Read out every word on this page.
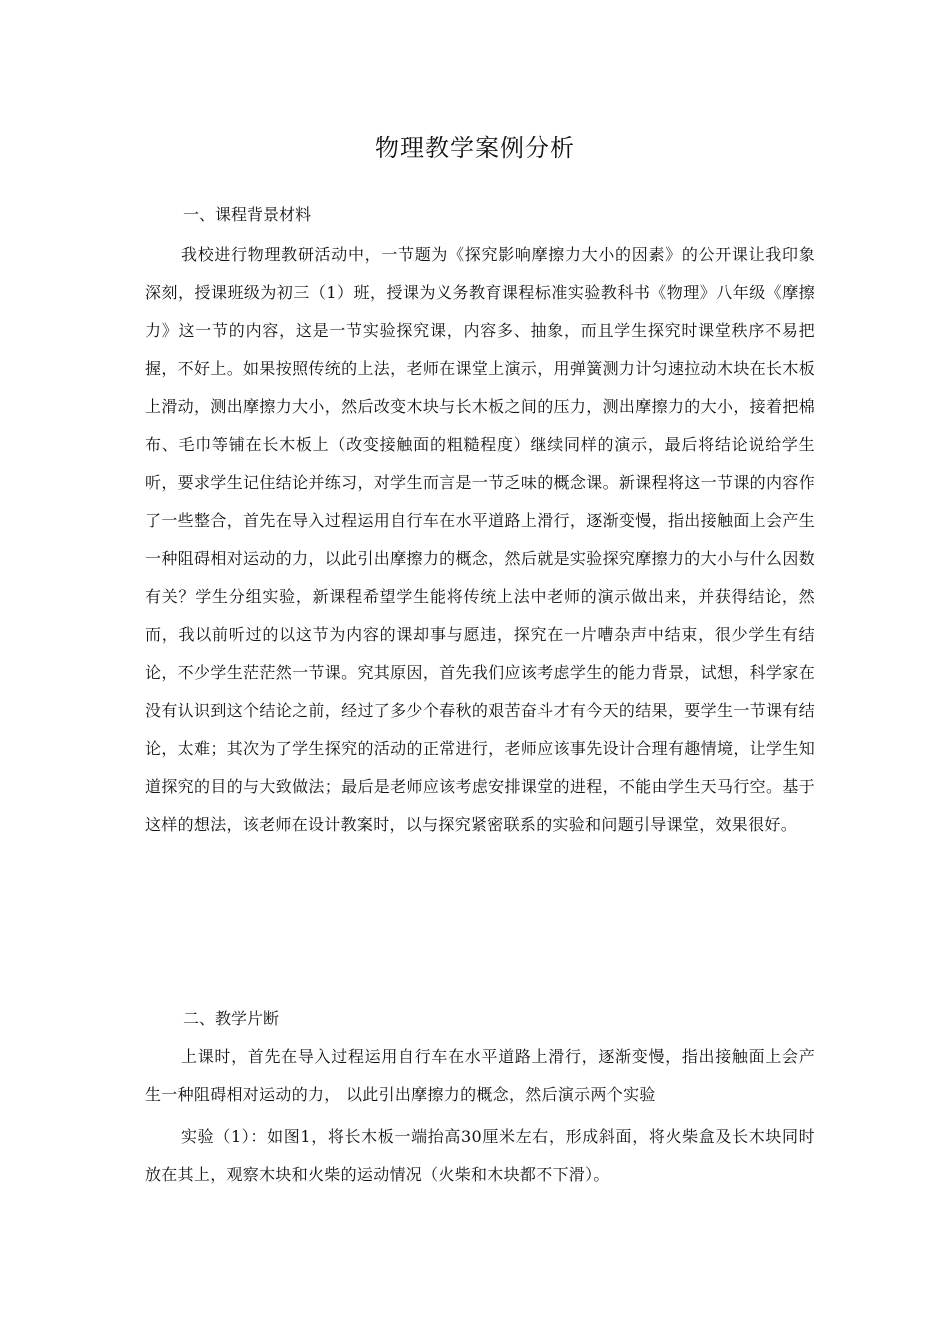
物理教学案例分析

一、课程背景材料

我校进行物理教研活动中，一节题为《探究影响摩擦力大小的因素》的公开课让我印象深刻，授课班级为初三（1）班，授课为义务教育课程标准实验教科书《物理》八年级《摩擦力》这一节的内容，这是一节实验探究课，内容多、抽象，而且学生探究时课堂秩序不易把握，不好上。如果按照传统的上法，老师在课堂上演示，用弹簧测力计匀速拉动木块在长木板上滑动，测出摩擦力大小，然后改变木块与长木板之间的压力，测出摩擦力的大小，接着把棉布、毛巾等铺在长木板上（改变接触面的粗糙程度）继续同样的演示，最后将结论说给学生听，要求学生记住结论并练习，对学生而言是一节乏味的概念课。新课程将这一节课的内容作了一些整合，首先在导入过程运用自行车在水平道路上滑行，逐渐变慢，指出接触面上会产生一种阻碍相对运动的力，以此引出摩擦力的概念，然后就是实验探究摩擦力的大小与什么因数有关？学生分组实验，新课程希望学生能将传统上法中老师的演示做出来，并获得结论，然而，我以前听过的以这节为内容的课却事与愿违，探究在一片嘈杂声中结束，很少学生有结论，不少学生茫茫然一节课。究其原因，首先我们应该考虑学生的能力背景，试想，科学家在没有认识到这个结论之前，经过了多少个春秋的艰苦奋斗才有今天的结果，要学生一节课有结论，太难；其次为了学生探究的活动的正常进行，老师应该事先设计合理有趣情境，让学生知道探究的目的与大致做法；最后是老师应该考虑安排课堂的进程，不能由学生天马行空。基于这样的想法，该老师在设计教案时，以与探究紧密联系的实验和问题引导课堂，效果很好。

二、教学片断

上课时，首先在导入过程运用自行车在水平道路上滑行，逐渐变慢，指出接触面上会产生一种阻碍相对运动的力， 以此引出摩擦力的概念，然后演示两个实验

实验（1）：如图1，将长木板一端抬高30厘米左右，形成斜面，将火柴盒及长木块同时放在其上，观察木块和火柴的运动情况（火柴和木块都不下滑）。
